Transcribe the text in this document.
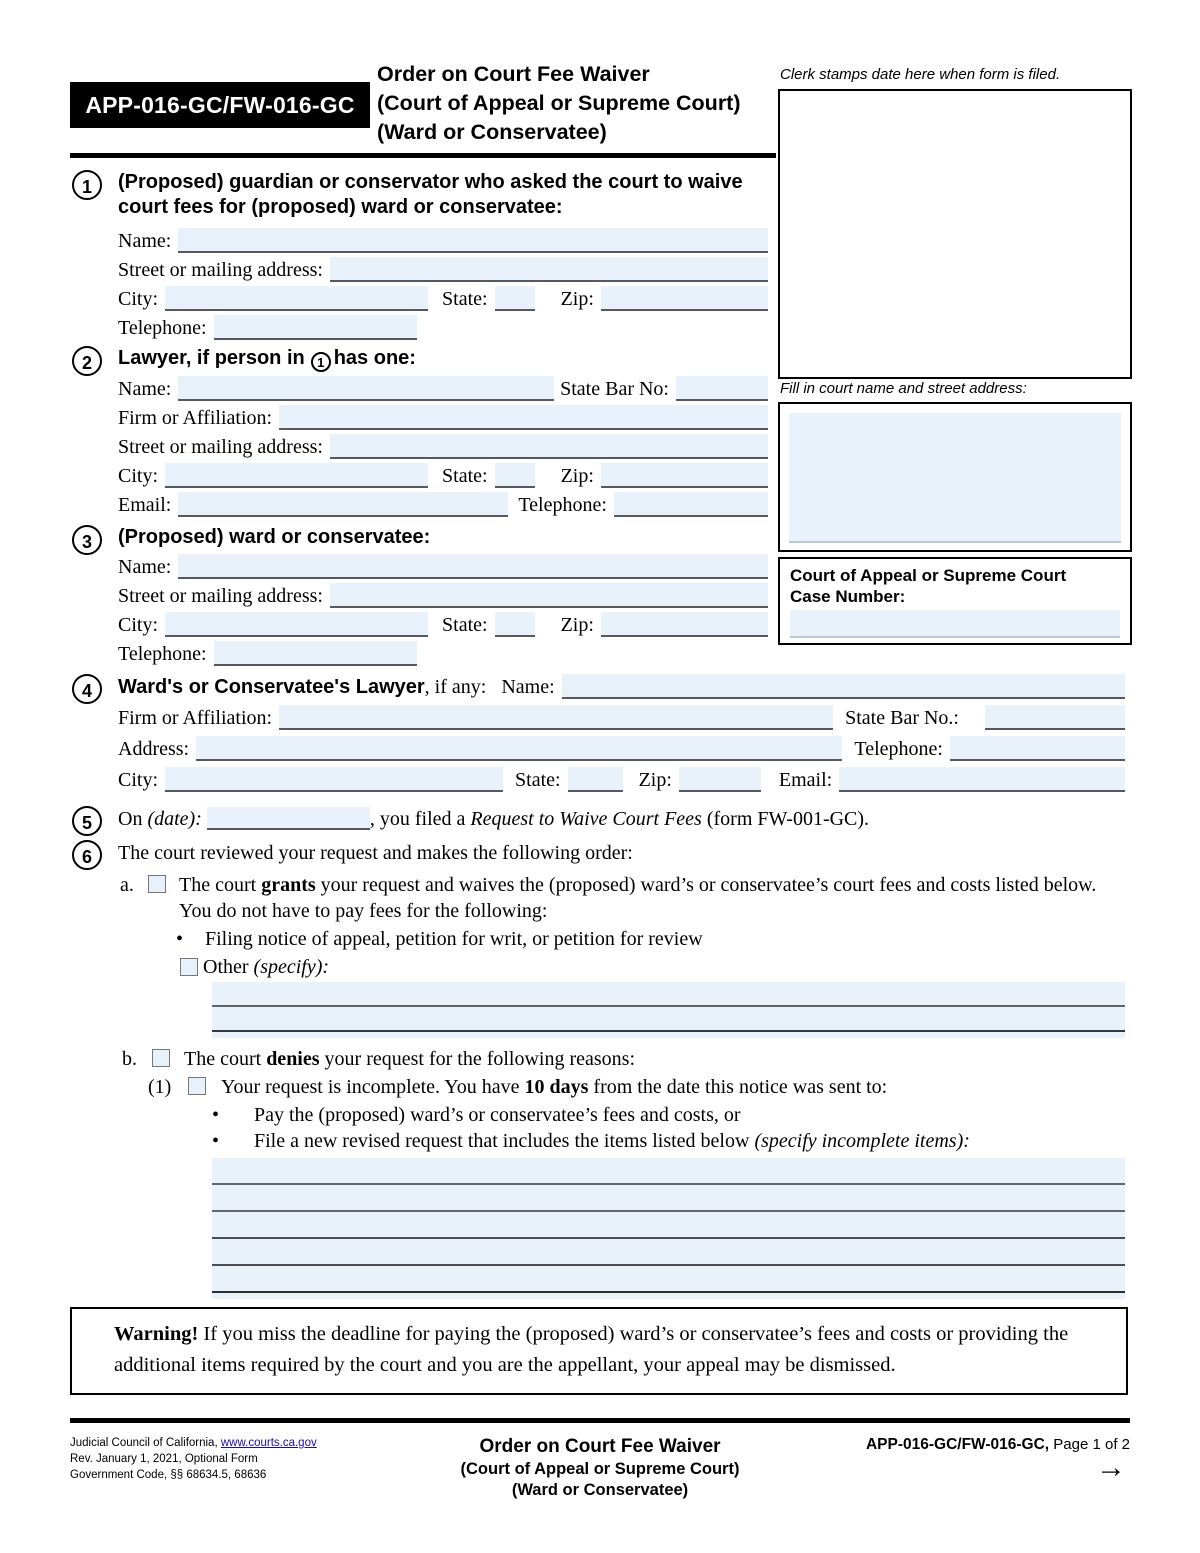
Clerk stamps date here when form is filed.
Fill in court name and street address:
Court of Appeal or Supreme Court
Case Number:
APP-016-GC/FW-016-GC
Order on Court Fee Waiver
(Court of Appeal or Supreme Court)
(Ward or Conservatee)
1	(Proposed) guardian or conservator who asked the court to waive court fees for (proposed) ward or conservatee:
Name:
Street or mailing address:
City:	State:	Zip:
Telephone:
2	Lawyer, if person in 1 has one:
Name:	State Bar No:
Firm or Affiliation:
Street or mailing address:
City:	State:	Zip:
Email:	Telephone:
3	(Proposed) ward or conservatee:
Name:
Street or mailing address:
City:	State:	Zip:
Telephone:
4	Ward's or Conservatee's Lawyer , if any: Name:
Firm or Affiliation:	State Bar No.:
Address:	Telephone:
City:	State:	Zip:	Email:
5	On (date):	, you filed a Request to Waive Court Fees (form FW-001-GC).
6	The court reviewed your request and makes the following order:
a.	The court grants your request and waives the (proposed) ward’s or conservatee’s court fees and costs listed below. You do not have to pay fees for the following:
•	Filing notice of appeal, petition for writ, or petition for review
Other (specify):
b.	The court denies your request for the following reasons:
(1)	Your request is incomplete. You have 10 days from the date this notice was sent to:
•	Pay the (proposed) ward’s or conservatee’s fees and costs, or
•	File a new revised request that includes the items listed below (specify incomplete items):
Warning! If you miss the deadline for paying the (proposed) ward’s or conservatee’s fees and costs or providing the additional items required by the court and you are the appellant, your appeal may be dismissed.
Judicial Council of California, www.courts.ca.gov
Rev. January 1, 2021, Optional Form
Government Code, §§ 68634.5, 68636
Order on Court Fee Waiver
(Court of Appeal or Supreme Court)
(Ward or Conservatee)
APP-016-GC/FW-016-GC, Page 1 of 2
→
